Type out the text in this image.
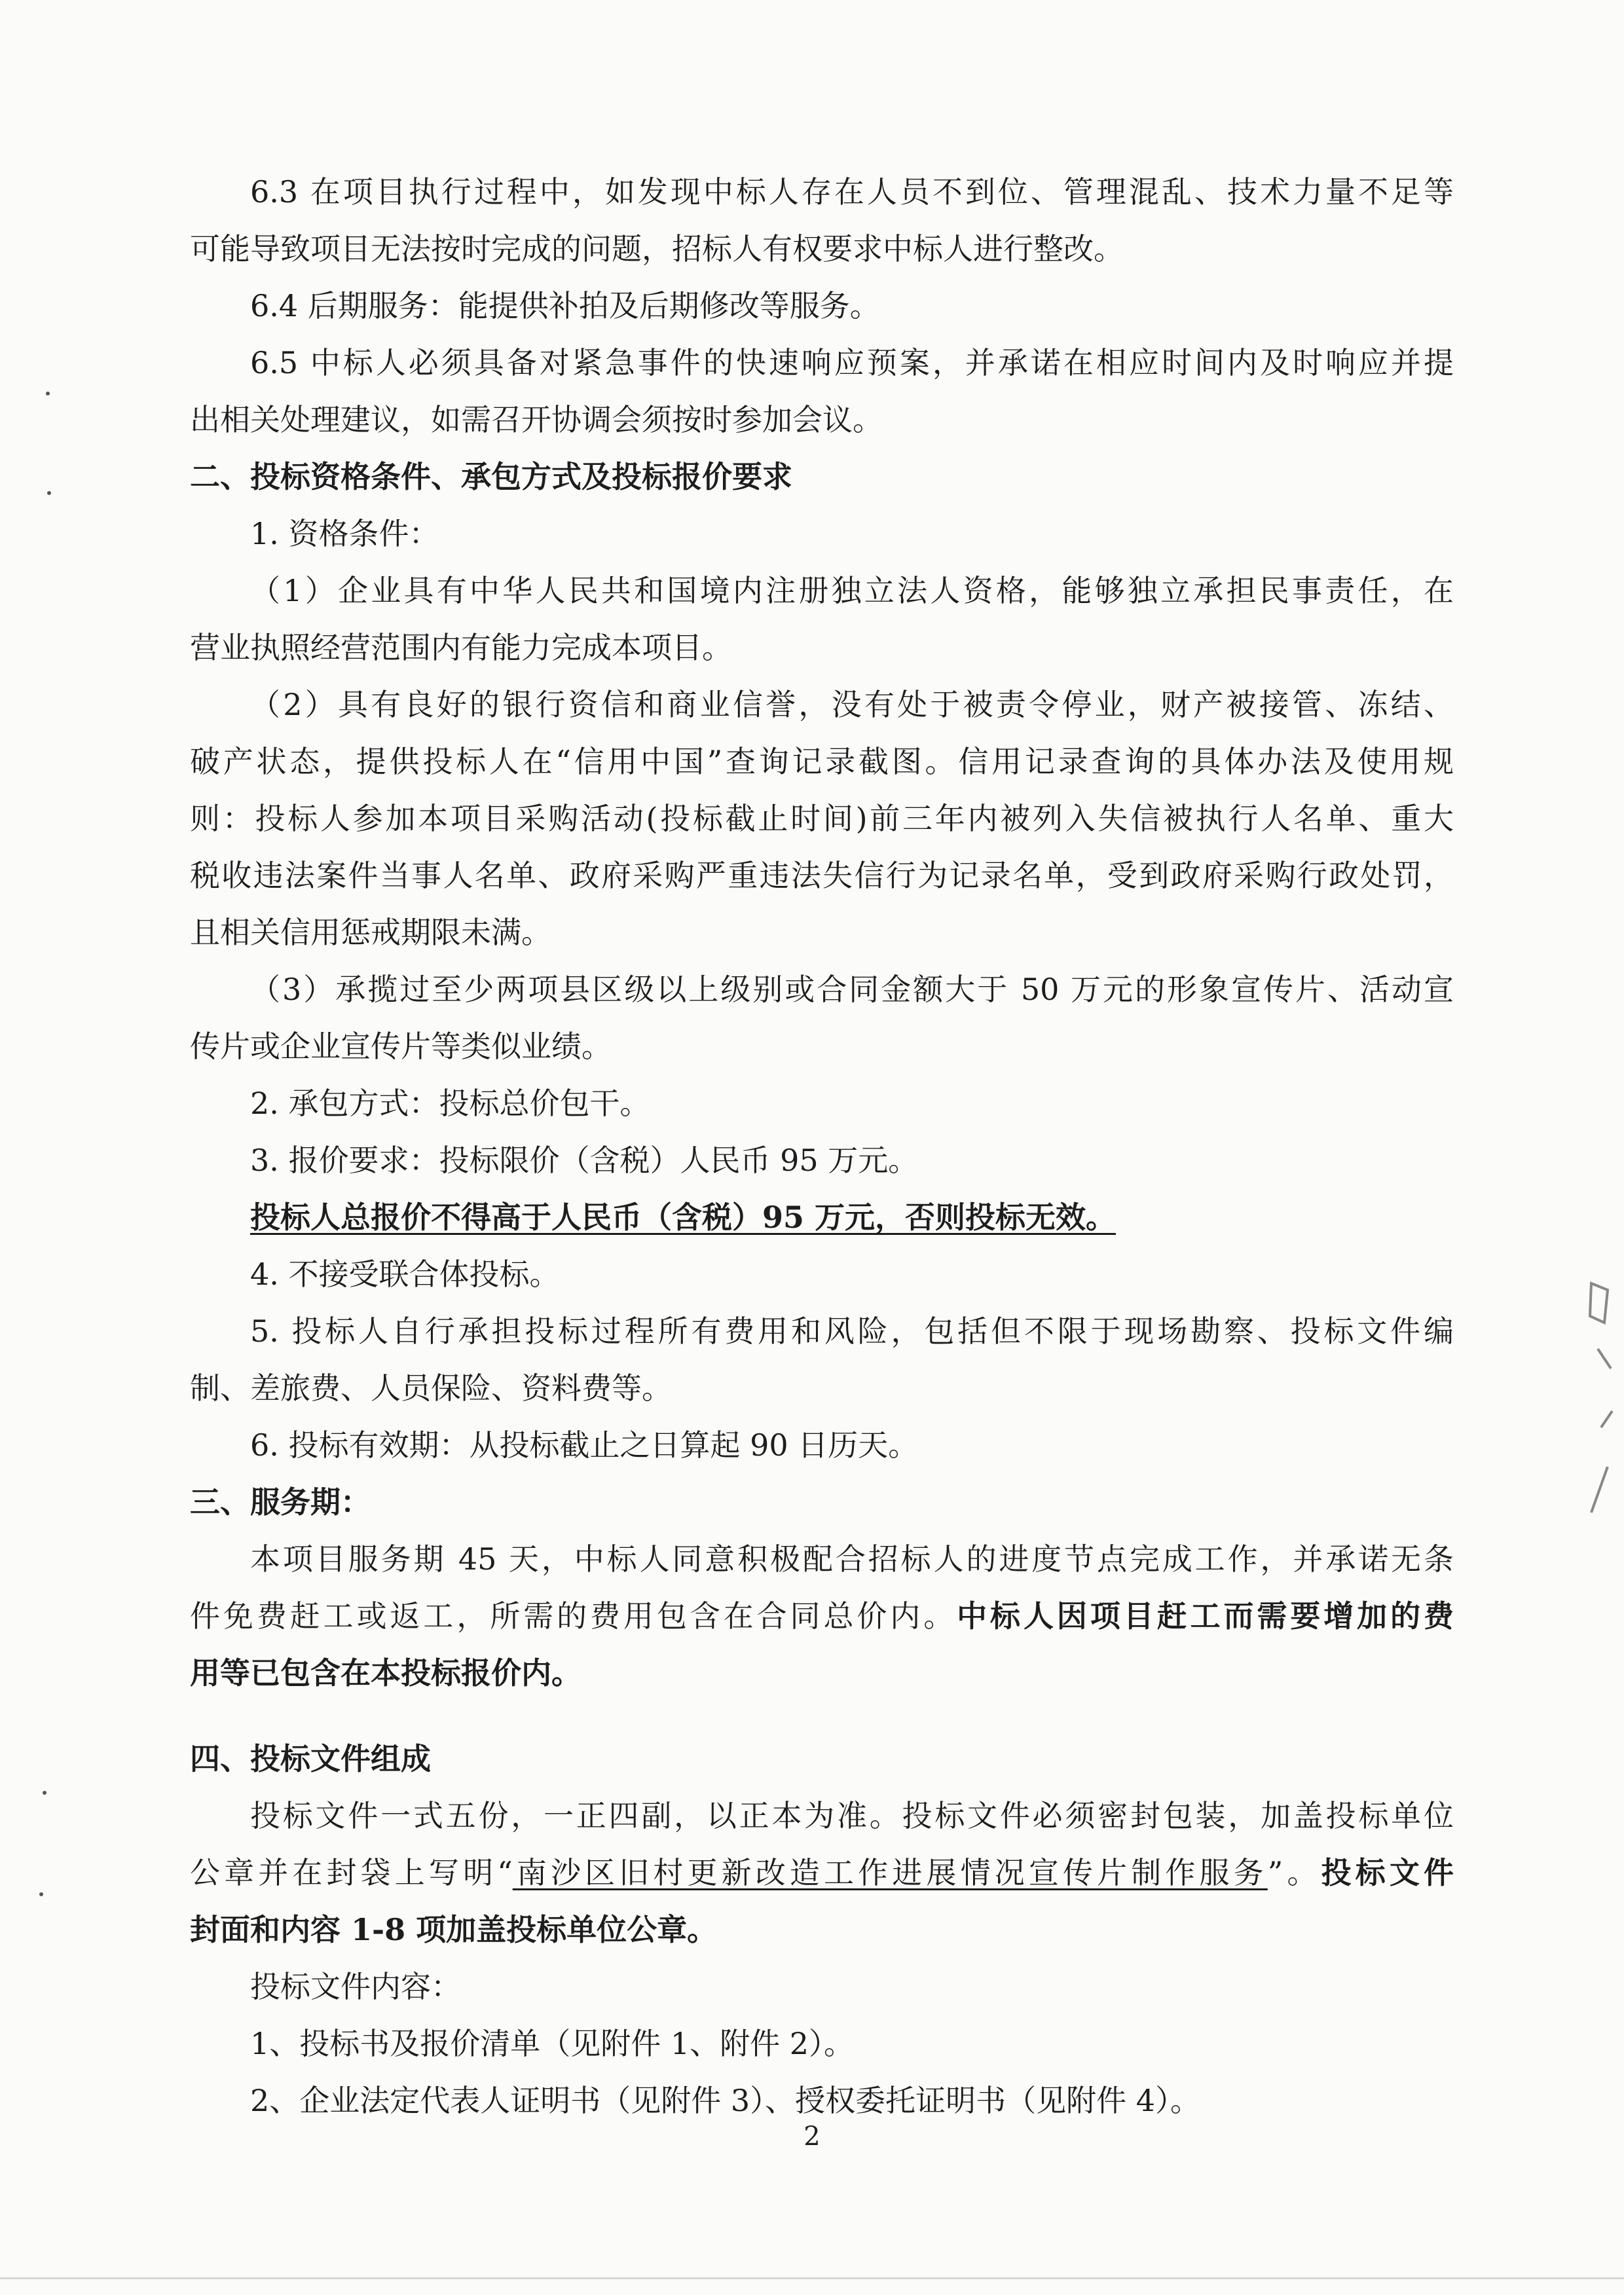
6.3 在项目执行过程中，如发现中标人存在人员不到位、管理混乱、技术力量不足等
可能导致项目无法按时完成的问题，招标人有权要求中标人进行整改。
6.4 后期服务：能提供补拍及后期修改等服务。
6.5 中标人必须具备对紧急事件的快速响应预案，并承诺在相应时间内及时响应并提
出相关处理建议，如需召开协调会须按时参加会议。
二、投标资格条件、承包方式及投标报价要求
1. 资格条件：
（1）企业具有中华人民共和国境内注册独立法人资格，能够独立承担民事责任，在
营业执照经营范围内有能力完成本项目。
（2）具有良好的银行资信和商业信誉，没有处于被责令停业，财产被接管、冻结、
破产状态，提供投标人在“信用中国”查询记录截图。信用记录查询的具体办法及使用规
则：投标人参加本项目采购活动(投标截止时间)前三年内被列入失信被执行人名单、重大
税收违法案件当事人名单、政府采购严重违法失信行为记录名单，受到政府采购行政处罚，
且相关信用惩戒期限未满。
（3）承揽过至少两项县区级以上级别或合同金额大于 50 万元的形象宣传片、活动宣
传片或企业宣传片等类似业绩。
2. 承包方式：投标总价包干。
3. 报价要求：投标限价（含税）人民币 95 万元。
投标人总报价不得高于人民币（含税）95 万元，否则投标无效。
4. 不接受联合体投标。
5. 投标人自行承担投标过程所有费用和风险，包括但不限于现场勘察、投标文件编
制、差旅费、人员保险、资料费等。
6. 投标有效期：从投标截止之日算起 90 日历天。
三、服务期：
本项目服务期 45 天，中标人同意积极配合招标人的进度节点完成工作，并承诺无条
件免费赶工或返工，所需的费用包含在合同总价内。中标人因项目赶工而需要增加的费
用等已包含在本投标报价内。
四、投标文件组成
投标文件一式五份，一正四副，以正本为准。投标文件必须密封包装，加盖投标单位
公章并在封袋上写明“南沙区旧村更新改造工作进展情况宣传片制作服务”。投标文件
封面和内容 1-8 项加盖投标单位公章。
投标文件内容：
1、投标书及报价清单（见附件 1、附件 2）。
2、企业法定代表人证明书（见附件 3）、授权委托证明书（见附件 4）。
2
